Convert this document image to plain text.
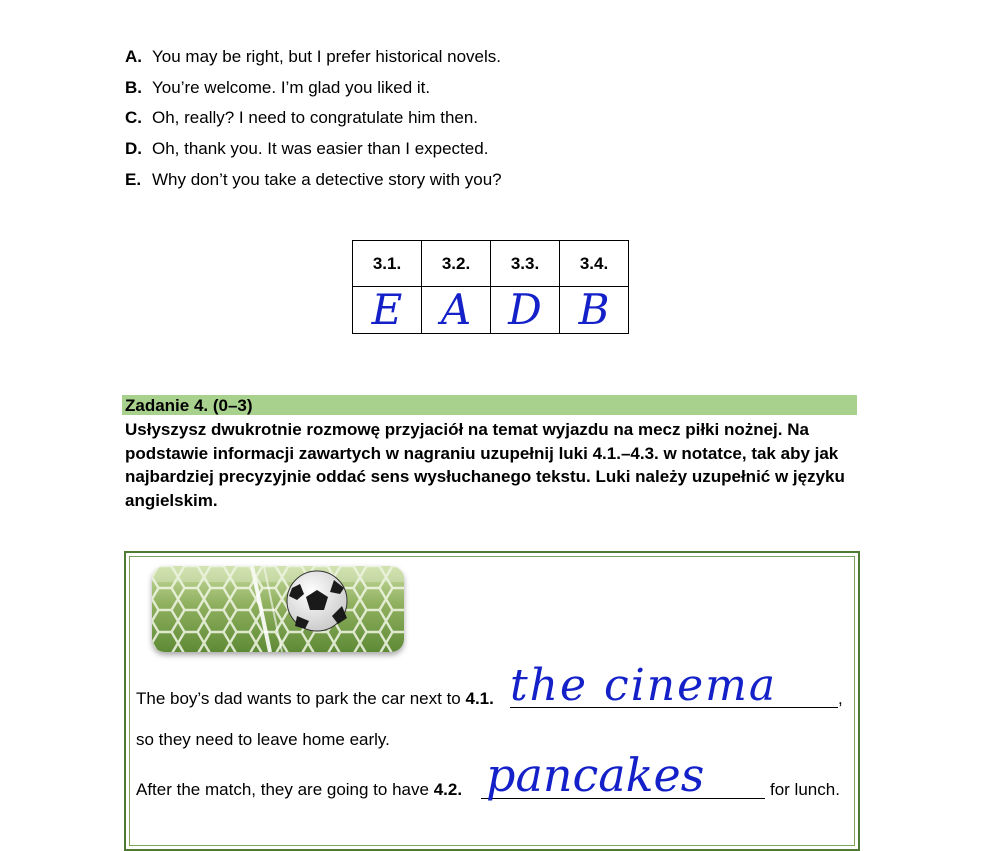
A. You may be right, but I prefer historical novels.
B. You’re welcome. I’m glad you liked it.
C. Oh, really? I need to congratulate him then.
D. Oh, thank you. It was easier than I expected.
E. Why don’t you take a detective story with you?
3.1.	3.2.	3.3.	3.4.
E	A	D	B
Zadanie 4. (0–3)
Usłyszysz dwukrotnie rozmowę przyjaciół na temat wyjazdu na mecz piłki nożnej. Na podstawie informacji zawartych w nagraniu uzupełnij luki 4.1.–4.3. w notatce, tak aby jak najbardziej precyzyjnie oddać sens wysłuchanego tekstu. Luki należy uzupełnić w języku angielskim.
The boy’s dad wants to park the car next to 4.1. the cinema	,
so they need to leave home early.
After the match, they are going to have 4.2. pancakes	for lunch.
